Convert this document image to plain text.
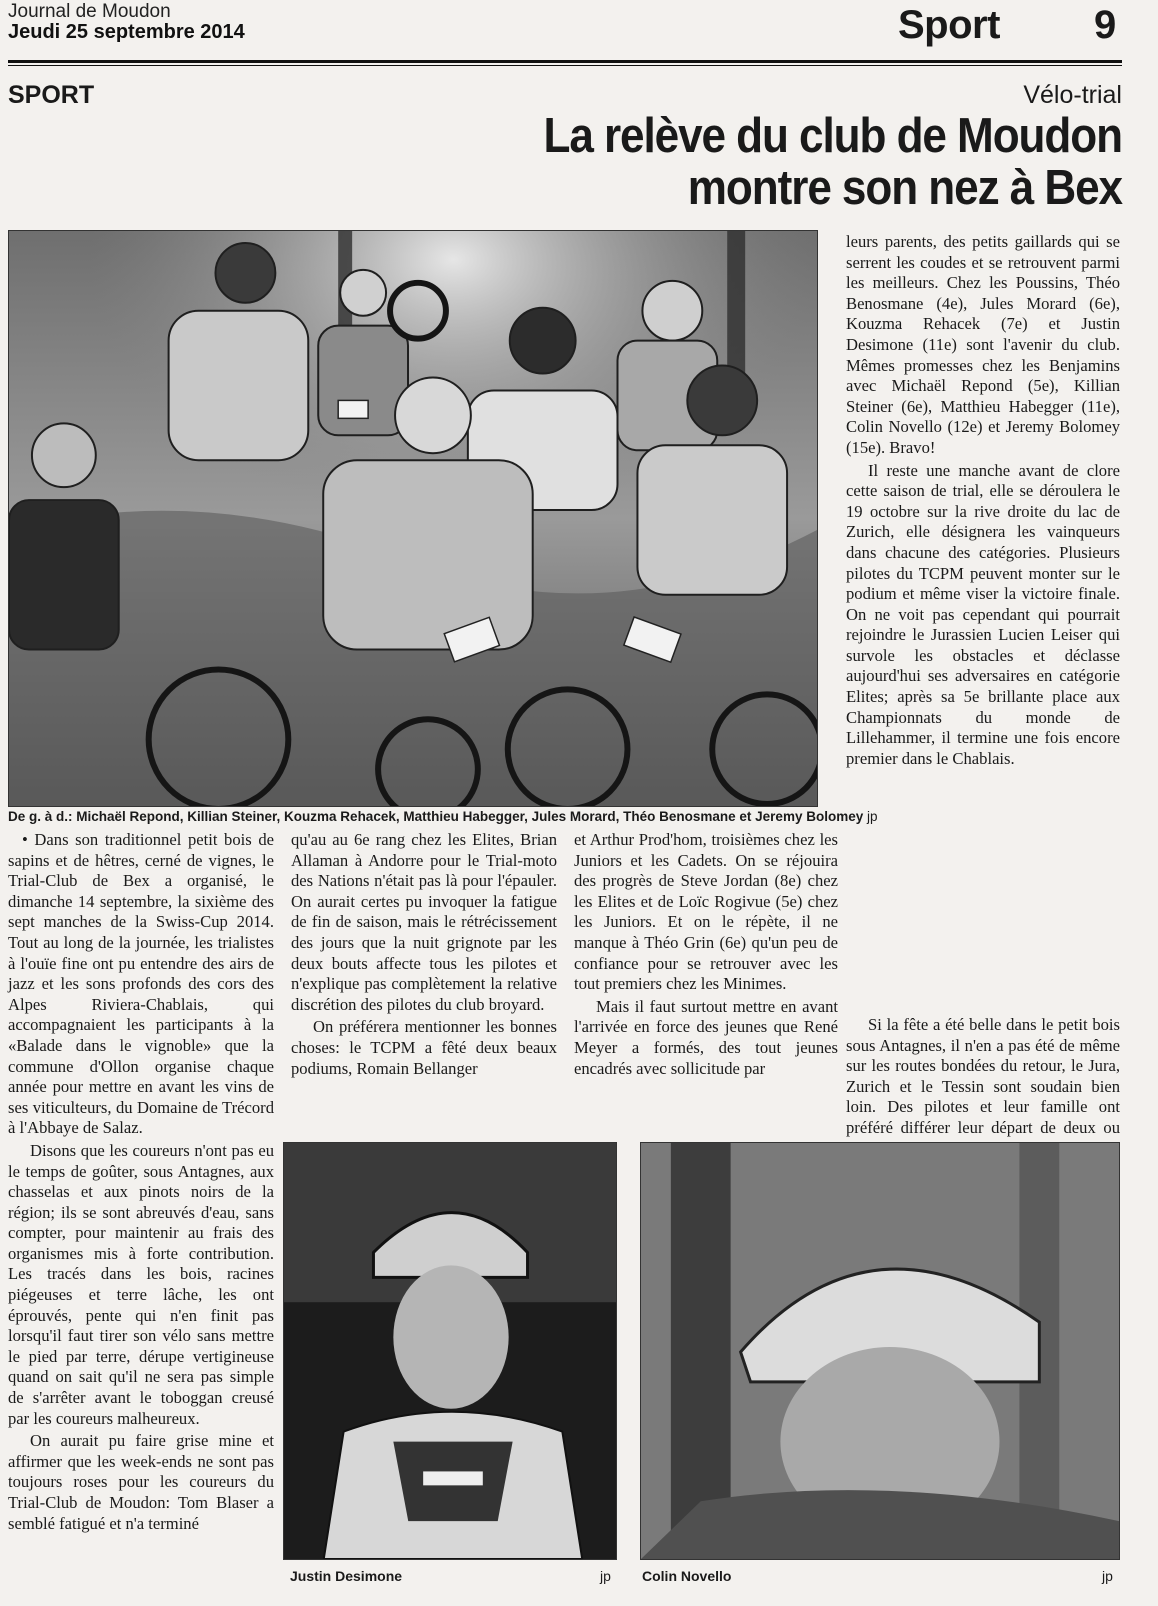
Journal de Moudon
Jeudi 25 septembre 2014	Sport 9
SPORT	Vélo-trial
La relève du club de Moudon
montre son nez à Bex
De g. à d.: Michaël Repond, Killian Steiner, Kouzma Rehacek, Matthieu Habegger, Jules Morard, Théo Benosmane et Jeremy Bolomey jp

leurs parents, des petits gaillards qui se serrent les coudes et se retrouvent parmi les meilleurs. Chez les Poussins, Théo Benosmane (4e), Jules Morard (6e), Kouzma Rehacek (7e) et Justin Desimone (11e) sont l'avenir du club. Mêmes promesses chez les Benjamins avec Michaël Repond (5e), Killian Steiner (6e), Matthieu Habegger (11e), Colin Novello (12e) et Jeremy Bolomey (15e). Bravo!

Il reste une manche avant de clore cette saison de trial, elle se déroulera le 19 octobre sur la rive droite du lac de Zurich, elle désignera les vainqueurs dans chacune des catégories. Plusieurs pilotes du TCPM peuvent monter sur le podium et même viser la victoire finale. On ne voit pas cependant qui pourrait rejoindre le Jurassien Lucien Leiser qui survole les obstacles et déclasse aujourd'hui ses adversaires en catégorie Elites; après sa 5e brillante place aux Championnats du monde de Lillehammer, il termine une fois encore premier dans le Chablais.

• Dans son traditionnel petit bois de sapins et de hêtres, cerné de vignes, le Trial-Club de Bex a organisé, le dimanche 14 septembre, la sixième des sept manches de la Swiss-Cup 2014. Tout au long de la journée, les trialistes à l'ouïe fine ont pu entendre des airs de jazz et les sons profonds des cors des Alpes Riviera-Chablais, qui accompagnaient les participants à la «Balade dans le vignoble» que la commune d'Ollon organise chaque année pour mettre en avant les vins de ses viticulteurs, du Domaine de Trécord à l'Abbaye de Salaz.

Disons que les coureurs n'ont pas eu le temps de goûter, sous Antagnes, aux chasselas et aux pinots noirs de la région; ils se sont abreuvés d'eau, sans compter, pour maintenir au frais des organismes mis à forte contribution. Les tracés dans les bois, racines piégeuses et terre lâche, les ont éprouvés, pente qui n'en finit pas lorsqu'il faut tirer son vélo sans mettre le pied par terre, dérupe vertigineuse quand on sait qu'il ne sera pas simple de s'arrêter avant le toboggan creusé par les coureurs malheureux.

On aurait pu faire grise mine et affirmer que les week-ends ne sont pas toujours roses pour les coureurs du Trial-Club de Moudon: Tom Blaser a semblé fatigué et n'a terminé

qu'au au 6e rang chez les Elites, Brian Allaman à Andorre pour le Trial-moto des Nations n'était pas là pour l'épauler. On aurait certes pu invoquer la fatigue de fin de saison, mais le rétrécissement des jours que la nuit grignote par les deux bouts affecte tous les pilotes et n'explique pas complètement la relative discrétion des pilotes du club broyard.

On préférera mentionner les bonnes choses: le TCPM a fêté deux beaux podiums, Romain Bellanger

et Arthur Prod'hom, troisièmes chez les Juniors et les Cadets. On se réjouira des progrès de Steve Jordan (8e) chez les Elites et de Loïc Rogivue (5e) chez les Juniors. Et on le répète, il ne manque à Théo Grin (6e) qu'un peu de confiance pour se retrouver avec les tout premiers chez les Minimes.

Mais il faut surtout mettre en avant l'arrivée en force des jeunes que René Meyer a formés, des tout jeunes encadrés avec sollicitude par

Si la fête a été belle dans le petit bois sous Antagnes, il n'en a pas été de même sur les routes bondées du retour, le Jura, Zurich et le Tessin sont soudain bien loin. Des pilotes et leur famille ont préféré différer leur départ de deux ou

Justin Desimone	jp Colin Novello	jp
